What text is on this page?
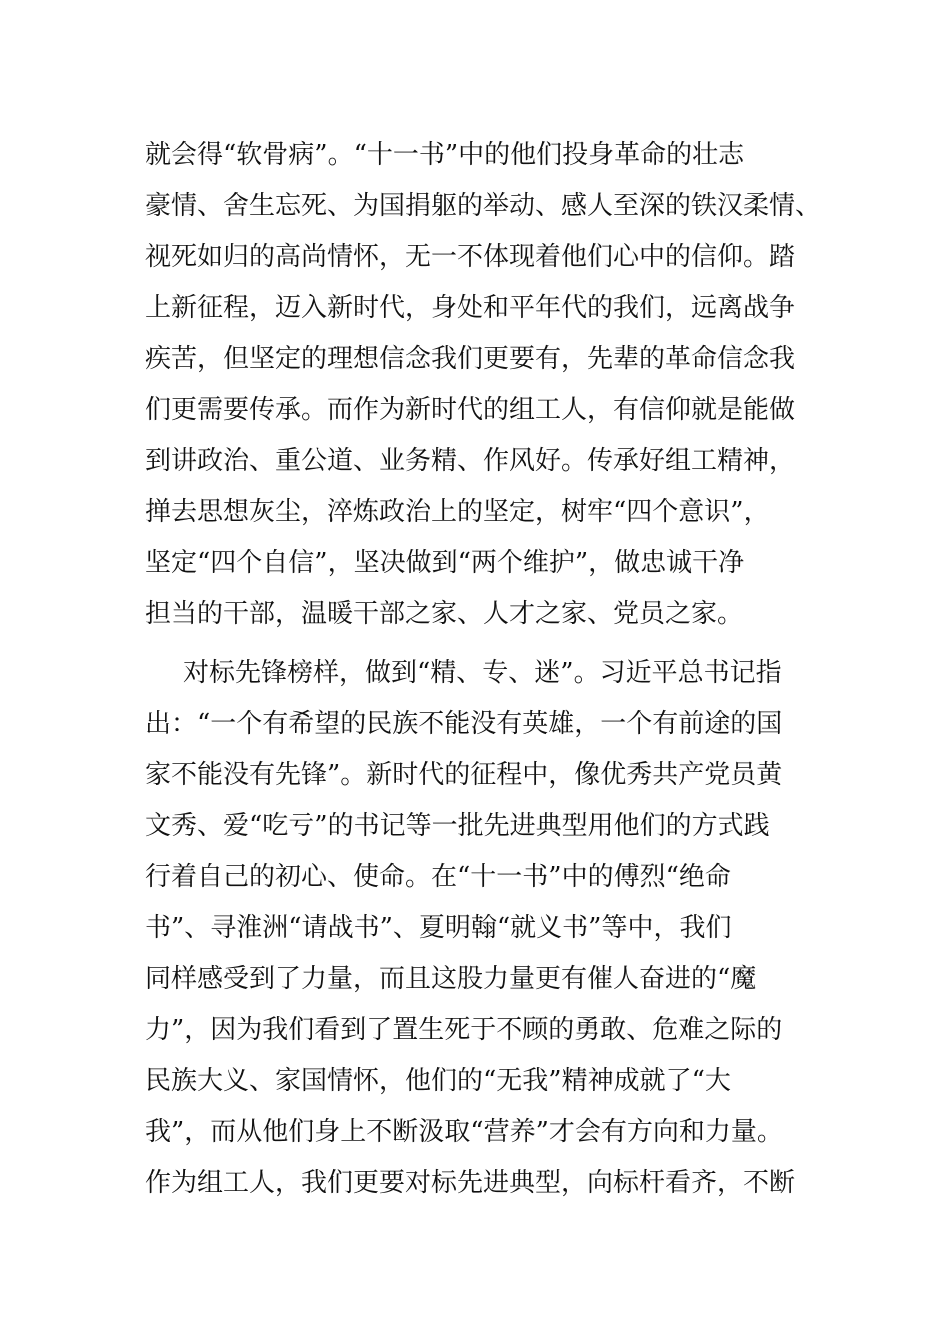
就会得“软骨病”。“十一书”中的他们投身革命的壮志
豪情、舍生忘死、为国捐躯的举动、感人至深的铁汉柔情、
视死如归的高尚情怀，无一不体现着他们心中的信仰。踏
上新征程，迈入新时代，身处和平年代的我们，远离战争
疾苦，但坚定的理想信念我们更要有，先辈的革命信念我
们更需要传承。而作为新时代的组工人，有信仰就是能做
到讲政治、重公道、业务精、作风好。传承好组工精神，
掸去思想灰尘，淬炼政治上的坚定，树牢“四个意识”，
坚定“四个自信”，坚决做到“两个维护”，做忠诚干净
担当的干部，温暖干部之家、人才之家、党员之家。
对标先锋榜样，做到“精、专、迷”。习近平总书记指
出：“一个有希望的民族不能没有英雄，一个有前途的国
家不能没有先锋”。新时代的征程中，像优秀共产党员黄
文秀、爱“吃亏”的书记等一批先进典型用他们的方式践
行着自己的初心、使命。在“十一书”中的傅烈“绝命
书”、寻淮洲“请战书”、夏明翰“就义书”等中，我们
同样感受到了力量，而且这股力量更有催人奋进的“魔
力”，因为我们看到了置生死于不顾的勇敢、危难之际的
民族大义、家国情怀，他们的“无我”精神成就了“大
我”，而从他们身上不断汲取“营养”才会有方向和力量。
作为组工人，我们更要对标先进典型，向标杆看齐，不断
